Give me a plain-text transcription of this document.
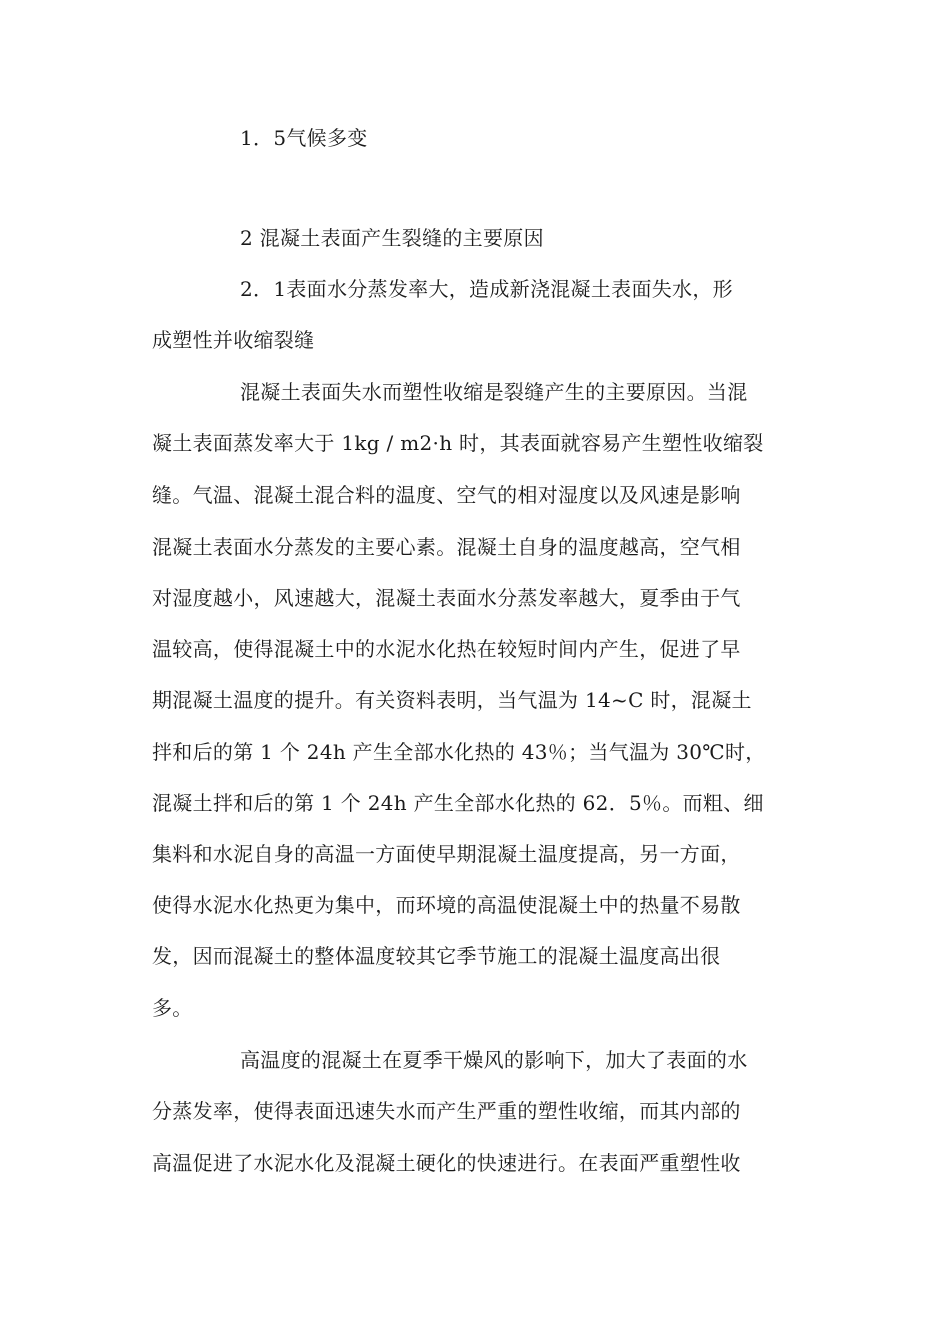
1．5气候多变
2 混凝土表面产生裂缝的主要原因
2．1表面水分蒸发率大，造成新浇混凝土表面失水，形
成塑性并收缩裂缝
混凝土表面失水而塑性收缩是裂缝产生的主要原因。当混
凝土表面蒸发率大于 1kg / m2·h 时，其表面就容易产生塑性收缩裂
缝。气温、混凝土混合料的温度、空气的相对湿度以及风速是影响
混凝土表面水分蒸发的主要心素。混凝土自身的温度越高，空气相
对湿度越小，风速越大，混凝土表面水分蒸发率越大，夏季由于气
温较高，使得混凝土中的水泥水化热在较短时间内产生，促进了早
期混凝土温度的提升。有关资料表明，当气温为 14~C 时，混凝土
拌和后的第 1 个 24h 产生全部水化热的 43％；当气温为 30℃时，
混凝土拌和后的第 1 个 24h 产生全部水化热的 62．5％。而粗、细
集料和水泥自身的高温一方面使早期混凝土温度提高，另一方面，
使得水泥水化热更为集中，而环境的高温使混凝土中的热量不易散
发，因而混凝土的整体温度较其它季节施工的混凝土温度高出很
多。
高温度的混凝土在夏季干燥风的影响下，加大了表面的水
分蒸发率，使得表面迅速失水而产生严重的塑性收缩，而其内部的
高温促进了水泥水化及混凝土硬化的快速进行。在表面严重塑性收
